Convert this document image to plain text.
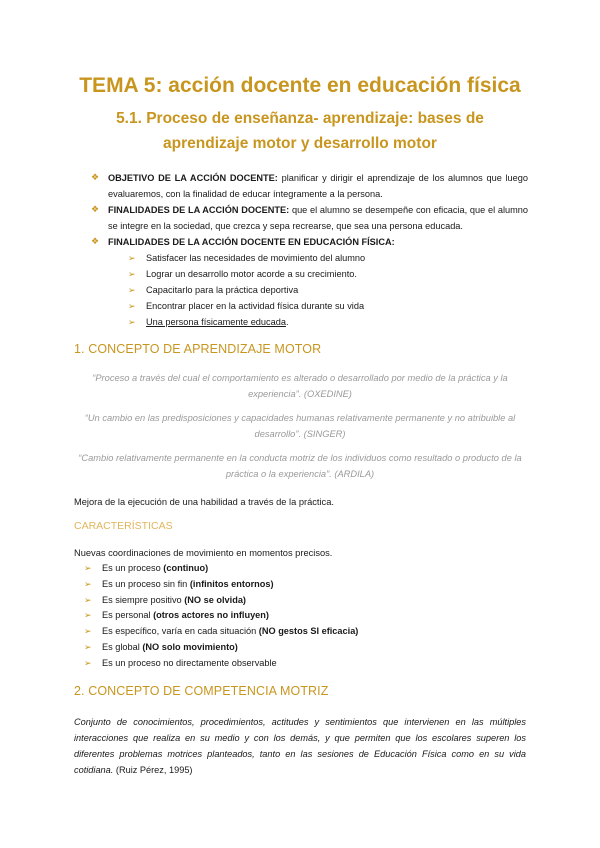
TEMA 5: acción docente en educación física

5.1. Proceso de enseñanza- aprendizaje: bases de aprendizaje motor y desarrollo motor

❖ OBJETIVO DE LA ACCIÓN DOCENTE: planificar y dirigir el aprendizaje de los alumnos que luego evaluaremos, con la finalidad de educar íntegramente a la persona.
❖ FINALIDADES DE LA ACCIÓN DOCENTE: que el alumno se desempeñe con eficacia, que el alumno se integre en la sociedad, que crezca y sepa recrearse, que sea una persona educada.
❖ FINALIDADES DE LA ACCIÓN DOCENTE EN EDUCACIÓN FÍSICA:
➢ Satisfacer las necesidades de movimiento del alumno
➢ Lograr un desarrollo motor acorde a su crecimiento.
➢ Capacitarlo para la práctica deportiva
➢ Encontrar placer en la actividad física durante su vida
➢ Una persona físicamente educada.
1. CONCEPTO DE APRENDIZAJE MOTOR

“Proceso a través del cual el comportamiento es alterado o desarrollado por medio de la práctica y la experiencia”. (OXEDINE)

“Un cambio en las predisposiciones y capacidades humanas relativamente permanente y no atribuible al desarrollo”. (SINGER)

“Cambio relativamente permanente en la conducta motriz de los individuos como resultado o producto de la práctica o la experiencia”. (ARDILA)

Mejora de la ejecución de una habilidad a través de la práctica.

CARACTERÍSTICAS

Nuevas coordinaciones de movimiento en momentos precisos.

➢ Es un proceso (continuo)
➢ Es un proceso sin fin (infinitos entornos)
➢ Es siempre positivo (NO se olvida)
➢ Es personal (otros actores no influyen)
➢ Es específico, varía en cada situación (NO gestos SI eficacia)
➢ Es global (NO solo movimiento)
➢ Es un proceso no directamente observable
2. CONCEPTO DE COMPETENCIA MOTRIZ

Conjunto de conocimientos, procedimientos, actitudes y sentimientos que intervienen en las múltiples interacciones que realiza en su medio y con los demás, y que permiten que los escolares superen los diferentes problemas motrices planteados, tanto en las sesiones de Educación Física como en su vida cotidiana. (Ruiz Pérez, 1995)
